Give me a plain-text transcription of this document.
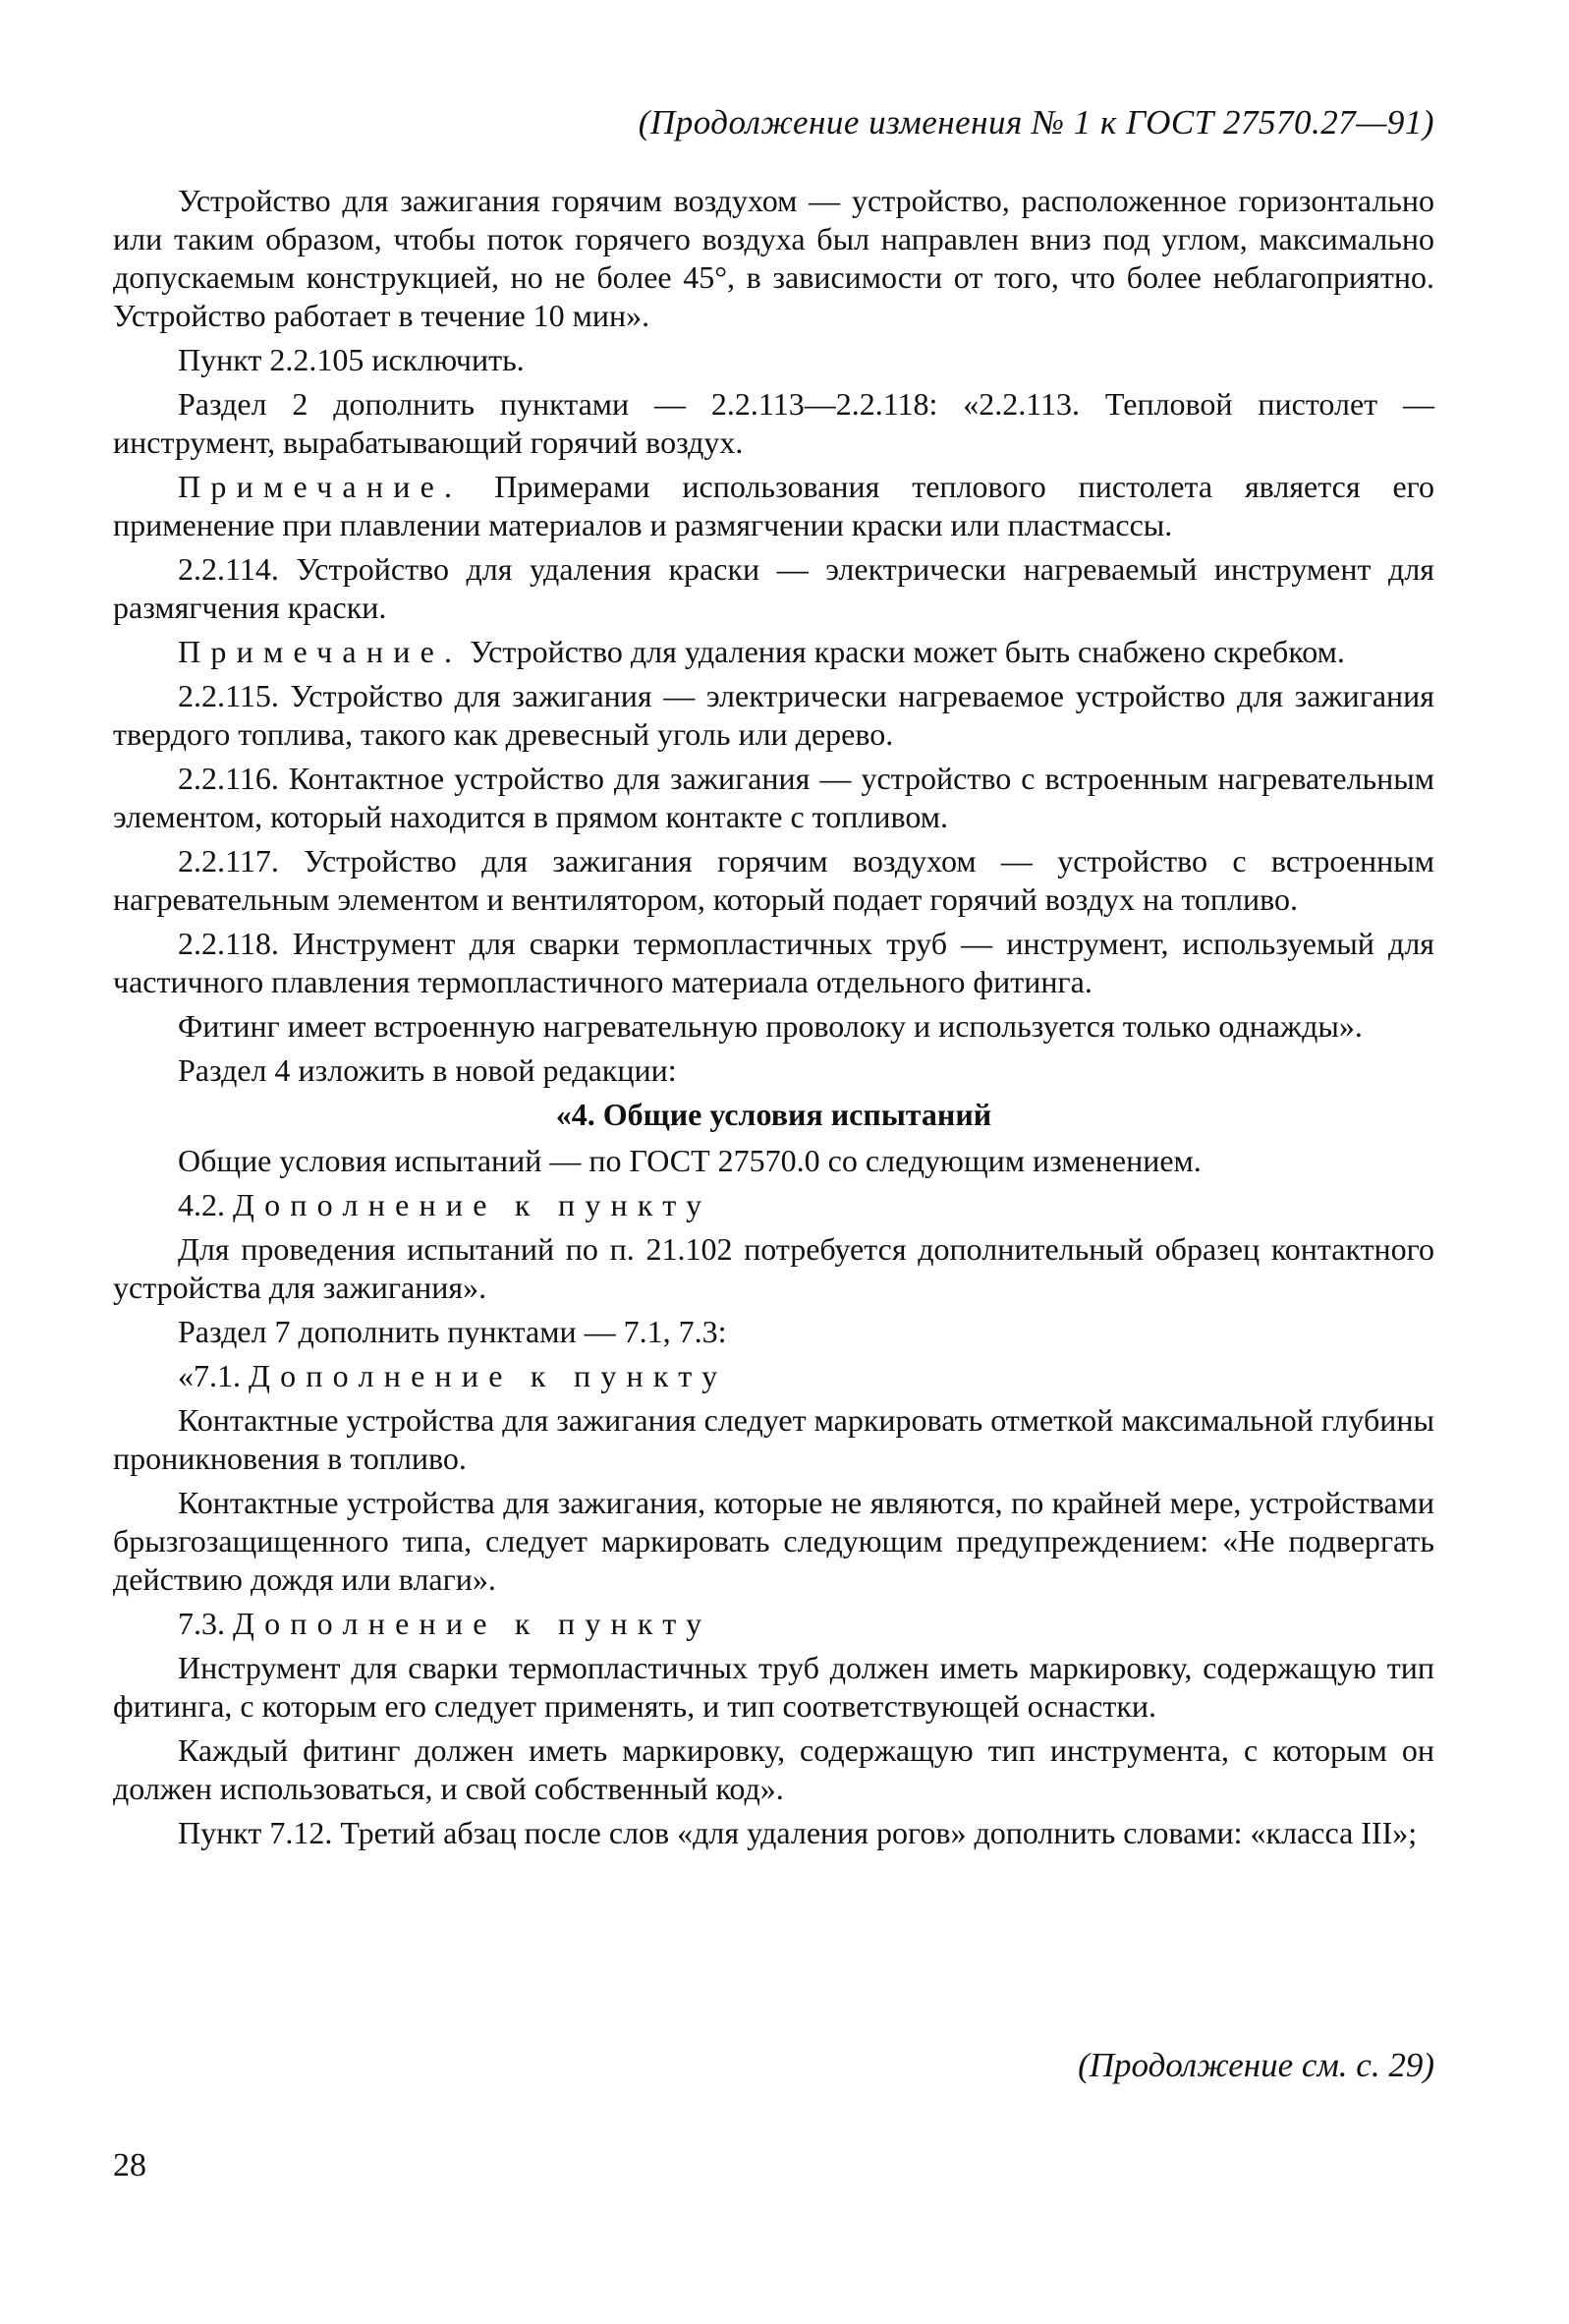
(Продолжение изменения № 1 к ГОСТ 27570.27—91)

Устройство для зажигания горячим воздухом — устройство, расположенное горизонтально или таким образом, чтобы поток горячего воздуха был направлен вниз под углом, максимально допускаемым конструкцией, но не более 45°, в зависимости от того, что более неблагоприятно. Устройство работает в течение 10 мин».

Пункт 2.2.105 исключить.

Раздел 2 дополнить пунктами — 2.2.113—2.2.118: «2.2.113. Тепловой пистолет — инструмент, вырабатывающий горячий воздух.

Примечание. Примерами использования теплового пистолета является его применение при плавлении материалов и размягчении краски или пластмассы.

2.2.114. Устройство для удаления краски — электрически нагреваемый инструмент для размягчения краски.

Примечание. Устройство для удаления краски может быть снабжено скребком.

2.2.115. Устройство для зажигания — электрически нагреваемое устройство для зажигания твердого топлива, такого как древесный уголь или дерево.

2.2.116. Контактное устройство для зажигания — устройство с встроенным нагревательным элементом, который находится в прямом контакте с топливом.

2.2.117. Устройство для зажигания горячим воздухом — устройство с встроенным нагревательным элементом и вентилятором, который подает горячий воздух на топливо.

2.2.118. Инструмент для сварки термопластичных труб — инструмент, используемый для частичного плавления термопластичного материала отдельного фитинга.

Фитинг имеет встроенную нагревательную проволоку и используется только однажды».

Раздел 4 изложить в новой редакции:

«4. Общие условия испытаний

Общие условия испытаний — по ГОСТ 27570.0 со следующим изменением.

4.2. Дополнение к пункту

Для проведения испытаний по п. 21.102 потребуется дополнительный образец контактного устройства для зажигания».

Раздел 7 дополнить пунктами — 7.1, 7.3:

«7.1. Дополнение к пункту

Контактные устройства для зажигания следует маркировать отметкой максимальной глубины проникновения в топливо.

Контактные устройства для зажигания, которые не являются, по крайней мере, устройствами брызгозащищенного типа, следует маркировать следующим предупреждением: «Не подвергать действию дождя или влаги».

7.3. Дополнение к пункту

Инструмент для сварки термопластичных труб должен иметь маркировку, содержащую тип фитинга, с которым его следует применять, и тип соответствующей оснастки.

Каждый фитинг должен иметь маркировку, содержащую тип инструмента, с которым он должен использоваться, и свой собственный код».

Пункт 7.12. Третий абзац после слов «для удаления рогов» дополнить словами: «класса III»;

(Продолжение см. с. 29)
28
